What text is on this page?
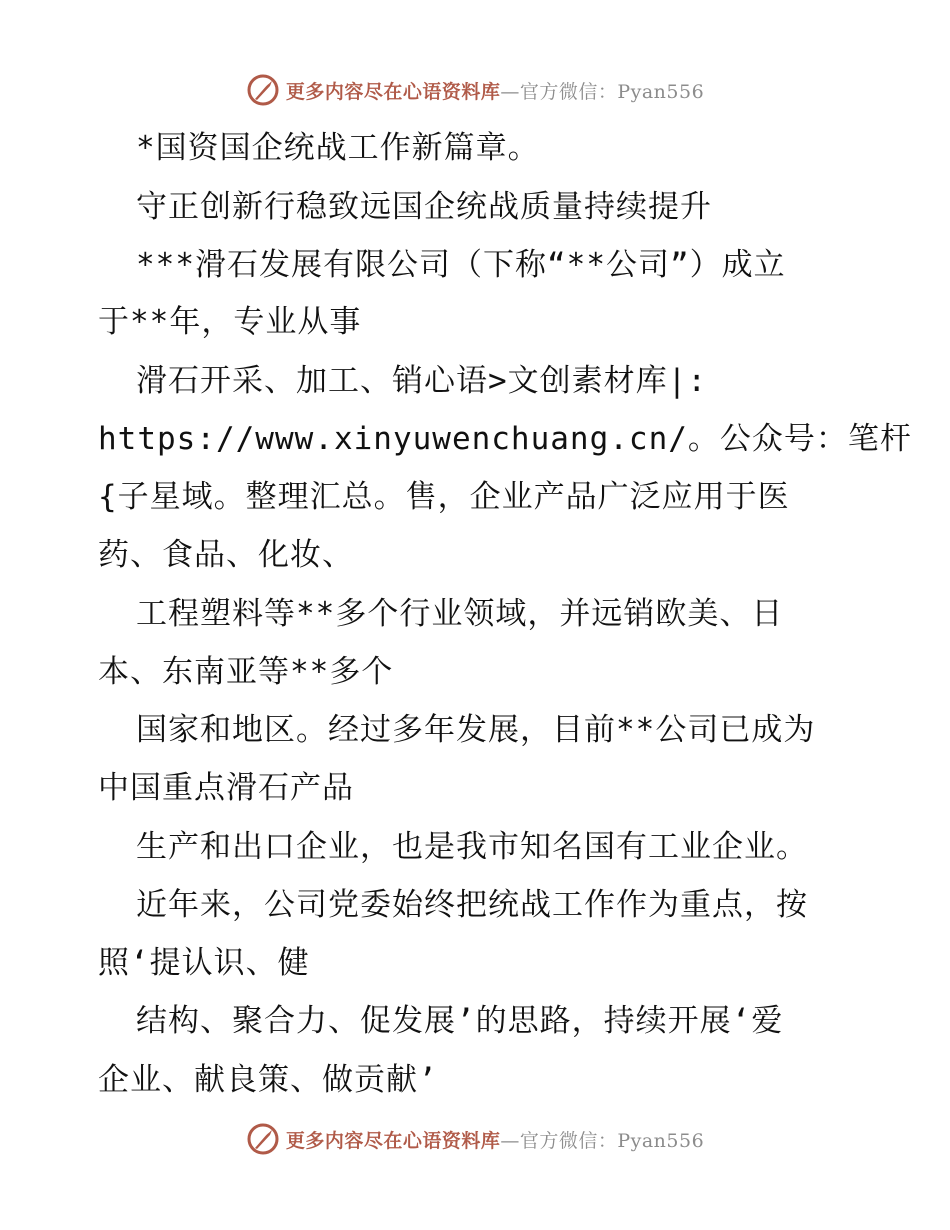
更多内容尽在心语资料库—官方微信：Pyan556
*国资国企统战工作新篇章。
守正创新行稳致远国企统战质量持续提升
***滑石发展有限公司（下称“**公司”）成立
于**年，专业从事
滑石开采、加工、销心语>文创素材库|:
https://www.xinyuwenchuang.cn/。公众号：笔杆
{子星域。整理汇总。售，企业产品广泛应用于医
药、食品、化妆、
工程塑料等**多个行业领域，并远销欧美、日
本、东南亚等**多个
国家和地区。经过多年发展，目前**公司已成为
中国重点滑石产品
生产和出口企业，也是我市知名国有工业企业。
近年来，公司党委始终把统战工作作为重点，按
照‘提认识、健
结构、聚合力、促发展’的思路，持续开展‘爱
企业、献良策、做贡献’
更多内容尽在心语资料库—官方微信：Pyan556
